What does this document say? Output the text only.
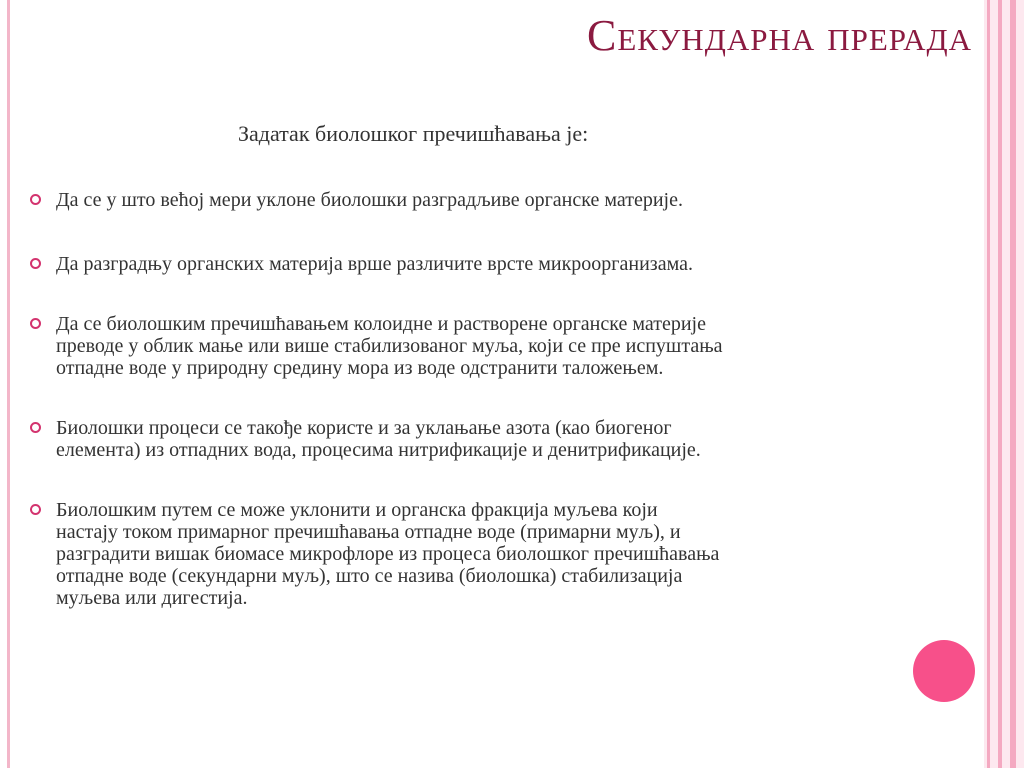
Секундарна прерада
Задатак биолошког пречишћавања је:
Да се у што већој мери уклоне биолошки разградљиве органске материје.
Да разградњу органских материја врше различите врсте микроорганизама.
Да се биолошким пречишћавањем колоидне и растворене органске материје
преводе у облик мање или више стабилизованог муља, који се пре испуштања
отпадне воде у природну средину мора из воде одстранити таложењем.
Биолошки процеси се такође користе и за уклањање азота (као биогеног
елемента) из отпадних вода, процесима нитрификације и денитрификације.
Биолошким путем се може уклонити и органска фракција муљева који
настају током примарног пречишћавања отпадне воде (примарни муљ), и
разградити вишак биомасе микрофлоре из процеса биолошког пречишћавања
отпадне воде (секундарни муљ), што се назива (биолошка) стабилизација
муљева или дигестија.
